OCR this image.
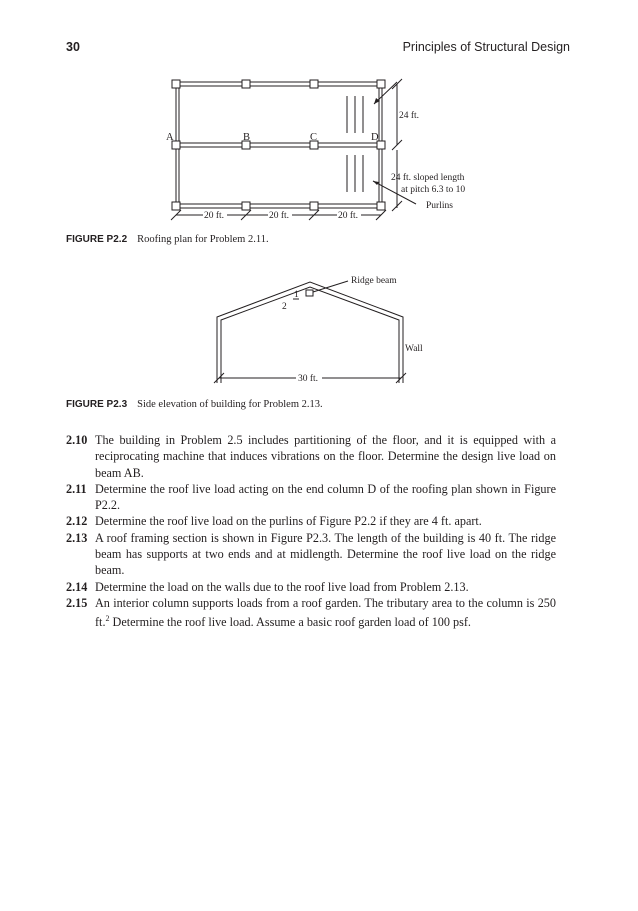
30	Principles of Structural Design
A	B	C	D
24 ft.
24 ft. sloped length
at pitch 6.3 to 10
Purlins
20 ft.	20 ft.	20 ft.
FIGURE P2.2 Roofing plan for Problem 2.11.
Ridge beam
1
2
Wall
30 ft.
FIGURE P2.3 Side elevation of building for Problem 2.13.
2.10 The building in Problem 2.5 includes partitioning of the floor, and it is equipped with a reciprocating machine that induces vibrations on the floor. Determine the design live load on beam AB.
2.11 Determine the roof live load acting on the end column D of the roofing plan shown in Figure P2.2.
2.12 Determine the roof live load on the purlins of Figure P2.2 if they are 4 ft. apart.
2.13 A roof framing section is shown in Figure P2.3. The length of the building is 40 ft. The ridge beam has supports at two ends and at midlength. Determine the roof live load on the ridge beam.
2.14 Determine the load on the walls due to the roof live load from Problem 2.13.
2.15 An interior column supports loads from a roof garden. The tributary area to the column is 250 ft.$^2$ Determine the roof live load. Assume a basic roof garden load of 100 psf.
